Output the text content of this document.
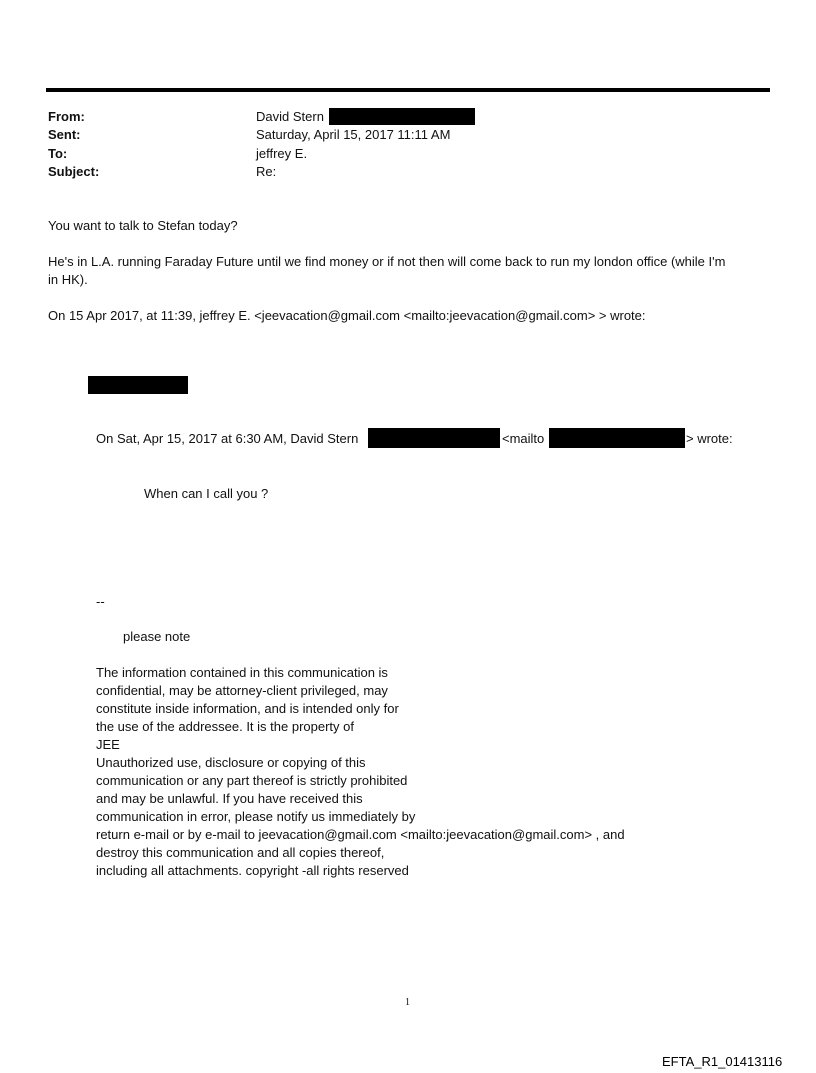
From:	David Stern
Sent:	Saturday, April 15, 2017 11:11 AM
To:	jeffrey E.
Subject:	Re:
You want to talk to Stefan today?
He's in L.A. running Faraday Future until we find money or if not then will come back to run my london office (while I'm
in HK).
On 15 Apr 2017, at 11:39, jeffrey E. <jeevacation@gmail.com <mailto:jeevacation@gmail.com> > wrote:
On Sat, Apr 15, 2017 at 6:30 AM, David Stern	<mailto	> wrote:
When can I call you ?
--
please note
The information contained in this communication is
confidential, may be attorney-client privileged, may
constitute inside information, and is intended only for
the use of the addressee. It is the property of
JEE
Unauthorized use, disclosure or copying of this
communication or any part thereof is strictly prohibited
and may be unlawful. If you have received this
communication in error, please notify us immediately by
return e-mail or by e-mail to jeevacation@gmail.com <mailto:jeevacation@gmail.com> , and
destroy this communication and all copies thereof,
including all attachments. copyright -all rights reserved
1
EFTA_R1_01413116
